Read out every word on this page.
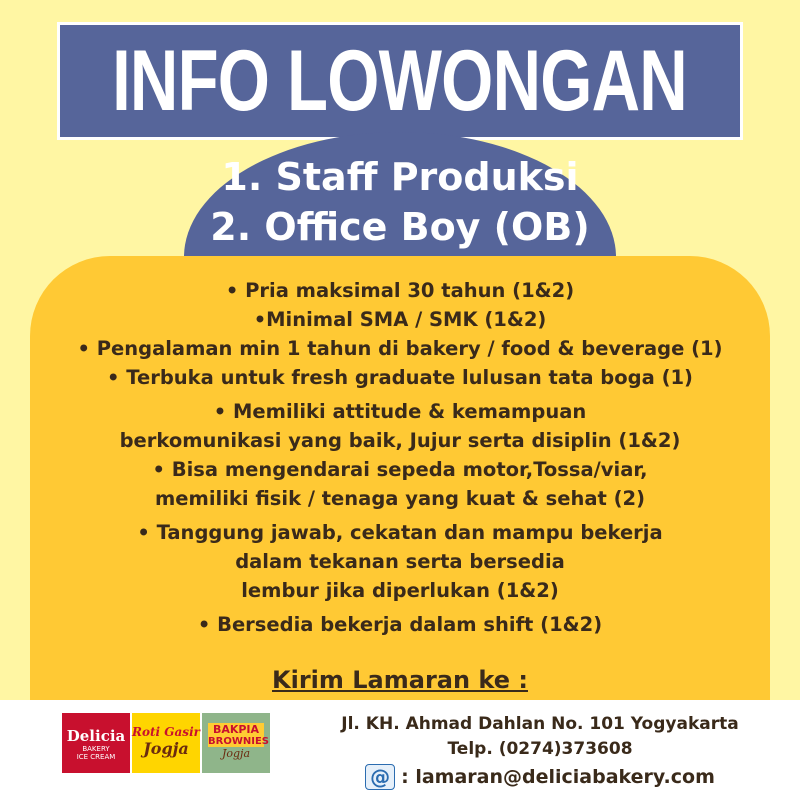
INFO LOWONGAN
1. Staff Produksi
2. Office Boy (OB)
• Pria maksimal 30 tahun (1&2)
•Minimal SMA / SMK (1&2)
• Pengalaman min 1 tahun di bakery / food & beverage (1)
• Terbuka untuk fresh graduate lulusan tata boga (1)
• Memiliki attitude & kemampuan
berkomunikasi yang baik, Jujur serta disiplin (1&2)
• Bisa mengendarai sepeda motor,Tossa/viar,
memiliki fisik / tenaga yang kuat & sehat (2)
• Tanggung jawab, cekatan dan mampu bekerja
dalam tekanan serta bersedia
lembur jika diperlukan (1&2)
• Bersedia bekerja dalam shift (1&2)
Kirim Lamaran ke :
Delicia
BAKERY
ICE CREAM
Roti Gasir
Jogja
BAKPIA
BROWNIES
Jogja
Jl. KH. Ahmad Dahlan No. 101 Yogyakarta
Telp. (0274)373608
@ : lamaran@deliciabakery.com
